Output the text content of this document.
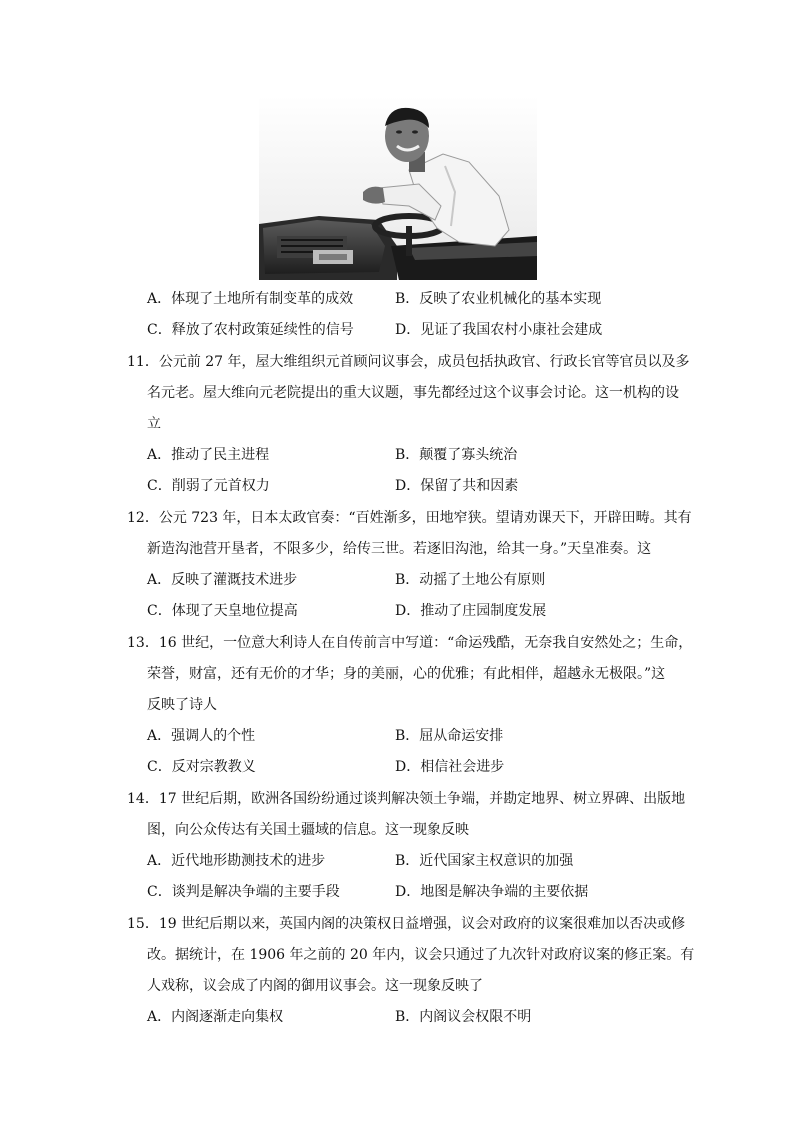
A．体现了土地所有制变革的成效	B．反映了农业机械化的基本实现
C．释放了农村政策延续性的信号	D．见证了我国农村小康社会建成
11．公元前 27 年，屋大维组织元首顾问议事会，成员包括执政官、行政长官等官员以及多
名元老。屋大维向元老院提出的重大议题，事先都经过这个议事会讨论。这一机构的设
立
A．推动了民主进程	B．颠覆了寡头统治
C．削弱了元首权力	D．保留了共和因素
12．公元 723 年，日本太政官奏：“百姓渐多，田地窄狭。望请劝课天下，开辟田畴。其有
新造沟池营开垦者，不限多少，给传三世。若逐旧沟池，给其一身。”天皇准奏。这
A．反映了灌溉技术进步	B．动摇了土地公有原则
C．体现了天皇地位提高	D．推动了庄园制度发展
13．16 世纪，一位意大利诗人在自传前言中写道：“命运残酷，无奈我自安然处之；生命，
荣誉，财富，还有无价的才华；身的美丽，心的优雅；有此相伴，超越永无极限。”这
反映了诗人
A．强调人的个性	B．屈从命运安排
C．反对宗教教义	D．相信社会进步
14．17 世纪后期，欧洲各国纷纷通过谈判解决领土争端，并勘定地界、树立界碑、出版地
图，向公众传达有关国土疆域的信息。这一现象反映
A．近代地形勘测技术的进步	B．近代国家主权意识的加强
C．谈判是解决争端的主要手段	D．地图是解决争端的主要依据
15．19 世纪后期以来，英国内阁的决策权日益增强，议会对政府的议案很难加以否决或修
改。据统计，在 1906 年之前的 20 年内，议会只通过了九次针对政府议案的修正案。有
人戏称，议会成了内阁的御用议事会。这一现象反映了
A．内阁逐渐走向集权	B．内阁议会权限不明
